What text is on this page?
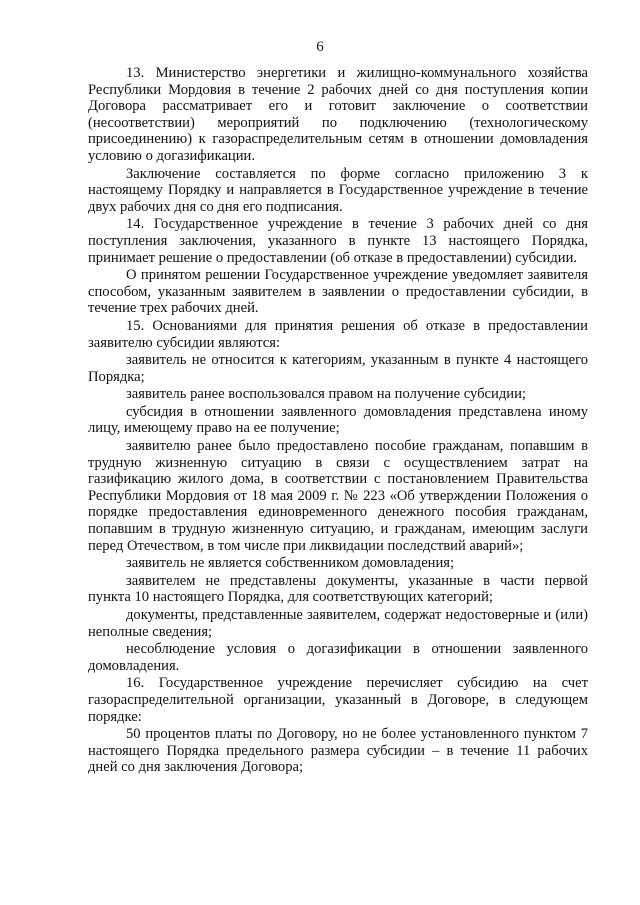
6

13. Министерство энергетики и жилищно-коммунального хозяйства Республики Мордовия в течение 2 рабочих дней со дня поступления копии Договора рассматривает его и готовит заключение о соответствии (несоответствии) мероприятий по подключению (технологическому присоединению) к газораспределительным сетям в отношении домовладения условию о догазификации.

Заключение составляется по форме согласно приложению 3 к настоящему Порядку и направляется в Государственное учреждение в течение двух рабочих дня со дня его подписания.

14. Государственное учреждение в течение 3 рабочих дней со дня поступления заключения, указанного в пункте 13 настоящего Порядка, принимает решение о предоставлении (об отказе в предоставлении) субсидии.

О принятом решении Государственное учреждение уведомляет заявителя способом, указанным заявителем в заявлении о предоставлении субсидии, в течение трех рабочих дней.

15. Основаниями для принятия решения об отказе в предоставлении заявителю субсидии являются:

заявитель не относится к категориям, указанным в пункте 4 настоящего Порядка;

заявитель ранее воспользовался правом на получение субсидии;

субсидия в отношении заявленного домовладения представлена иному лицу, имеющему право на ее получение;

заявителю ранее было предоставлено пособие гражданам, попавшим в трудную жизненную ситуацию в связи с осуществлением затрат на газификацию жилого дома, в соответствии с постановлением Правительства Республики Мордовия от 18 мая 2009 г. № 223 «Об утверждении Положения о порядке предоставления единовременного денежного пособия гражданам, попавшим в трудную жизненную ситуацию, и гражданам, имеющим заслуги перед Отечеством, в том числе при ликвидации последствий аварий»;

заявитель не является собственником домовладения;

заявителем не представлены документы, указанные в части первой пункта 10 настоящего Порядка, для соответствующих категорий;

документы, представленные заявителем, содержат недостоверные и (или) неполные сведения;

несоблюдение условия о догазификации в отношении заявленного домовладения.

16. Государственное учреждение перечисляет субсидию на счет газораспределительной организации, указанный в Договоре, в следующем порядке:

50 процентов платы по Договору, но не более установленного пунктом 7 настоящего Порядка предельного размера субсидии – в течение 11 рабочих дней со дня заключения Договора;
